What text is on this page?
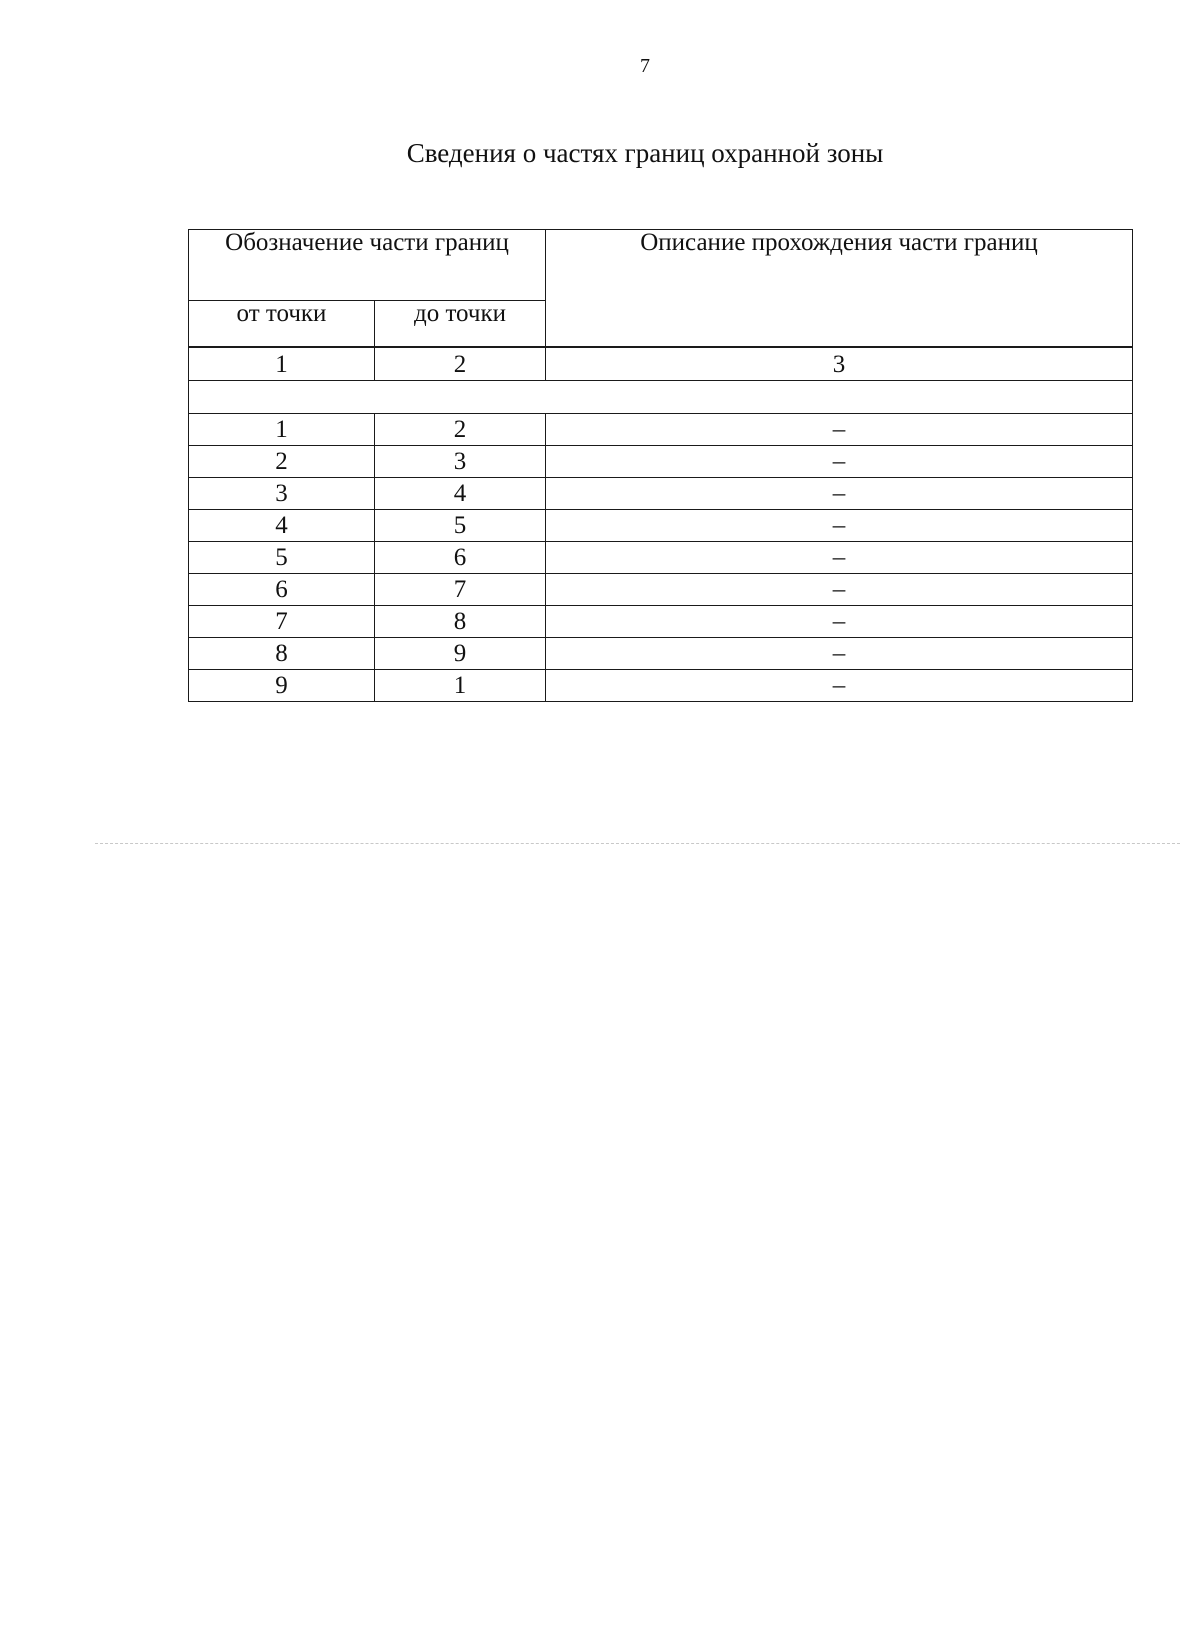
7
Сведения о частях границ охранной зоны
Обозначение части границ		Описание прохождения части границ
от точки	до точки	
1	2	3

1	2	–
2	3	–
3	4	–
4	5	–
5	6	–
6	7	–
7	8	–
8	9	–
9	1	–
